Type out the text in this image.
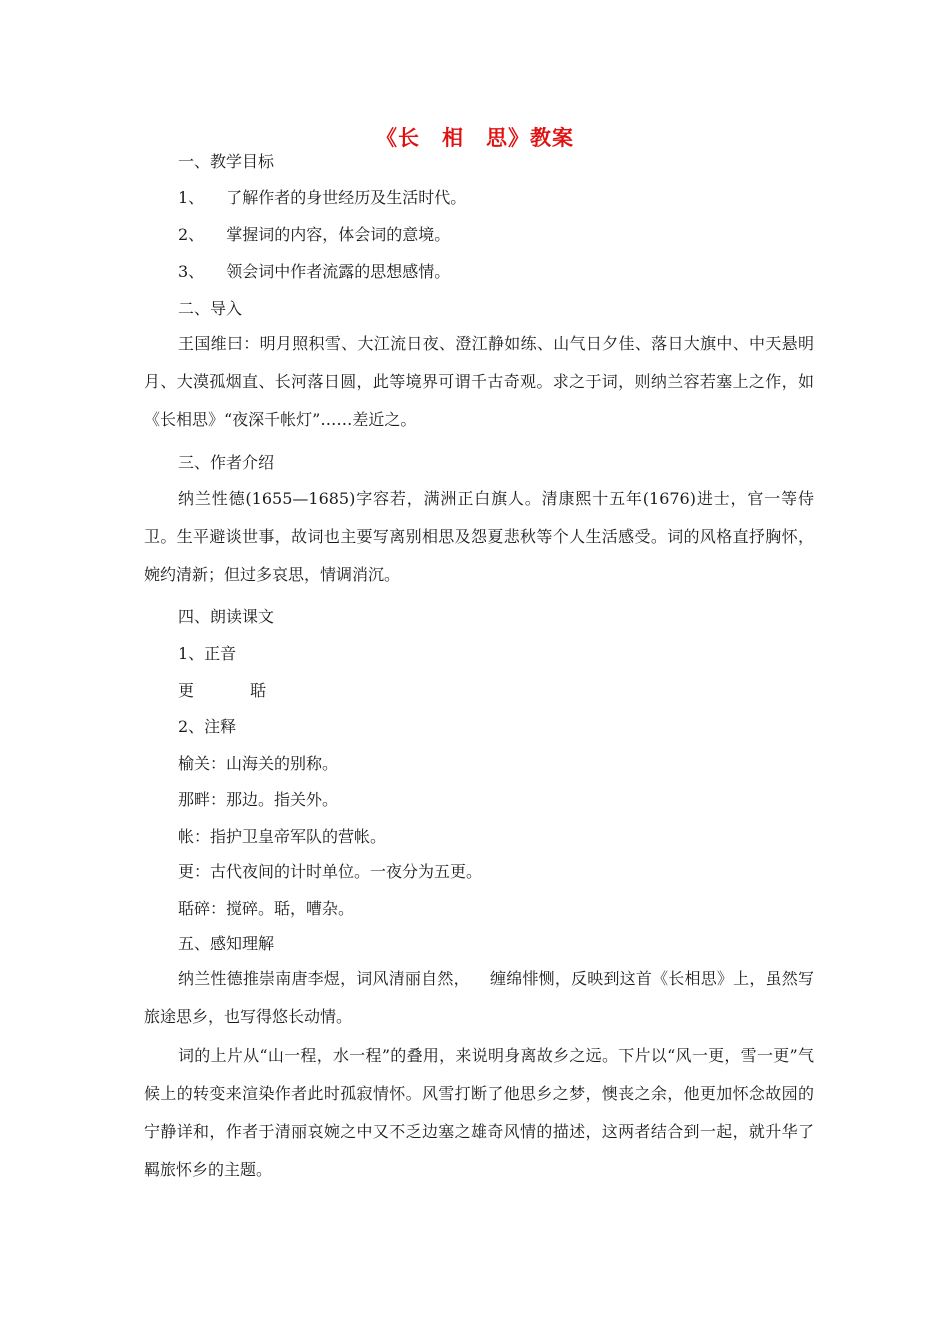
《长　相　思》教案
一、教学目标
1、 了解作者的身世经历及生活时代。
2、 掌握词的内容，体会词的意境。
3、 领会词中作者流露的思想感情。
二、导入
王国维曰：明月照积雪、大江流日夜、澄江静如练、山气日夕佳、落日大旗中、中天悬明月、大漠孤烟直、长河落日圆，此等境界可谓千古奇观。求之于词，则纳兰容若塞上之作，如《长相思》“夜深千帐灯”……差近之。
三、作者介绍
纳兰性德(1655—1685)字容若，满洲正白旗人。清康熙十五年(1676)进士，官一等侍卫。生平避谈世事，故词也主要写离别相思及怨夏悲秋等个人生活感受。词的风格直抒胸怀，婉约清新；但过多哀思，情调消沉。
四、朗读课文
1、正音
更	聒
2、注释
榆关：山海关的别称。
那畔：那边。指关外。
帐：指护卫皇帝军队的营帐。
更：古代夜间的计时单位。一夜分为五更。
聒碎：搅碎。聒，嘈杂。
五、感知理解
纳兰性德推崇南唐李煜，词风清丽自然， 缠绵悱恻，反映到这首《长相思》上，虽然写旅途思乡，也写得悠长动情。
词的上片从“山一程，水一程”的叠用，来说明身离故乡之远。下片以“风一更，雪一更”气候上的转变来渲染作者此时孤寂情怀。风雪打断了他思乡之梦，懊丧之余，他更加怀念故园的宁静详和，作者于清丽哀婉之中又不乏边塞之雄奇风情的描述，这两者结合到一起，就升华了羁旅怀乡的主题。
